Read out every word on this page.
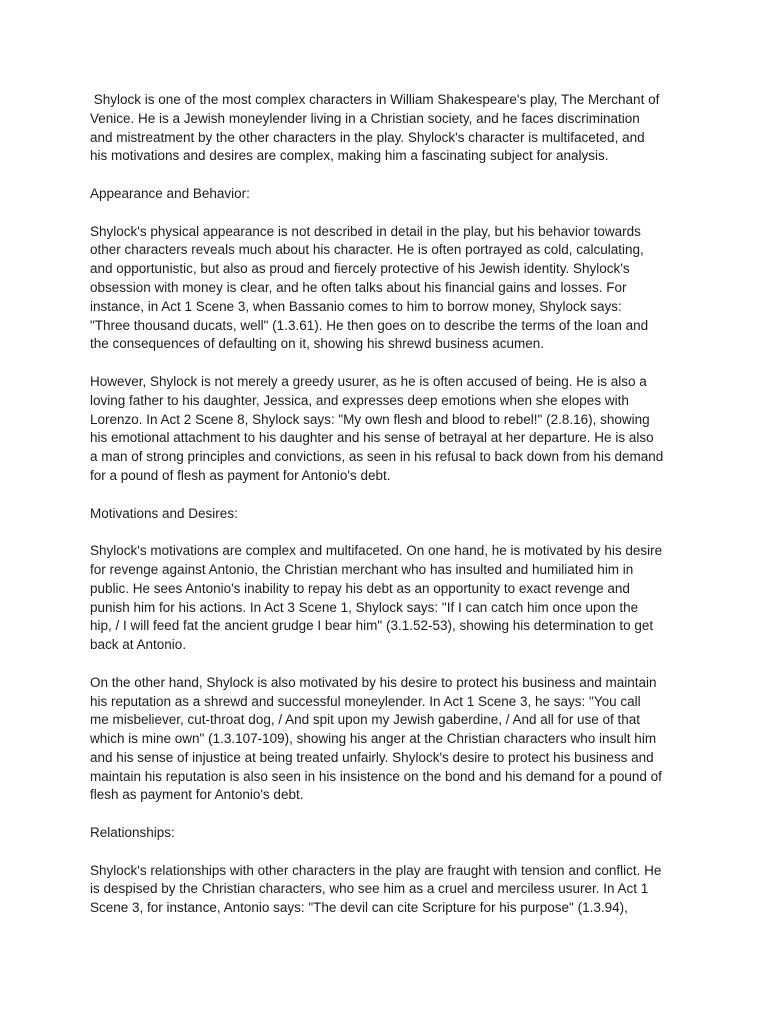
Shylock is one of the most complex characters in William Shakespeare's play, The Merchant of
Venice. He is a Jewish moneylender living in a Christian society, and he faces discrimination
and mistreatment by the other characters in the play. Shylock's character is multifaceted, and
his motivations and desires are complex, making him a fascinating subject for analysis.
Appearance and Behavior:
Shylock's physical appearance is not described in detail in the play, but his behavior towards
other characters reveals much about his character. He is often portrayed as cold, calculating,
and opportunistic, but also as proud and fiercely protective of his Jewish identity. Shylock's
obsession with money is clear, and he often talks about his financial gains and losses. For
instance, in Act 1 Scene 3, when Bassanio comes to him to borrow money, Shylock says:
"Three thousand ducats, well" (1.3.61). He then goes on to describe the terms of the loan and
the consequences of defaulting on it, showing his shrewd business acumen.
However, Shylock is not merely a greedy usurer, as he is often accused of being. He is also a
loving father to his daughter, Jessica, and expresses deep emotions when she elopes with
Lorenzo. In Act 2 Scene 8, Shylock says: "My own flesh and blood to rebel!" (2.8.16), showing
his emotional attachment to his daughter and his sense of betrayal at her departure. He is also
a man of strong principles and convictions, as seen in his refusal to back down from his demand
for a pound of flesh as payment for Antonio's debt.
Motivations and Desires:
Shylock's motivations are complex and multifaceted. On one hand, he is motivated by his desire
for revenge against Antonio, the Christian merchant who has insulted and humiliated him in
public. He sees Antonio's inability to repay his debt as an opportunity to exact revenge and
punish him for his actions. In Act 3 Scene 1, Shylock says: "If I can catch him once upon the
hip, / I will feed fat the ancient grudge I bear him" (3.1.52-53), showing his determination to get
back at Antonio.
On the other hand, Shylock is also motivated by his desire to protect his business and maintain
his reputation as a shrewd and successful moneylender. In Act 1 Scene 3, he says: "You call
me misbeliever, cut-throat dog, / And spit upon my Jewish gaberdine, / And all for use of that
which is mine own" (1.3.107-109), showing his anger at the Christian characters who insult him
and his sense of injustice at being treated unfairly. Shylock's desire to protect his business and
maintain his reputation is also seen in his insistence on the bond and his demand for a pound of
flesh as payment for Antonio's debt.
Relationships:
Shylock's relationships with other characters in the play are fraught with tension and conflict. He
is despised by the Christian characters, who see him as a cruel and merciless usurer. In Act 1
Scene 3, for instance, Antonio says: "The devil can cite Scripture for his purpose" (1.3.94),
